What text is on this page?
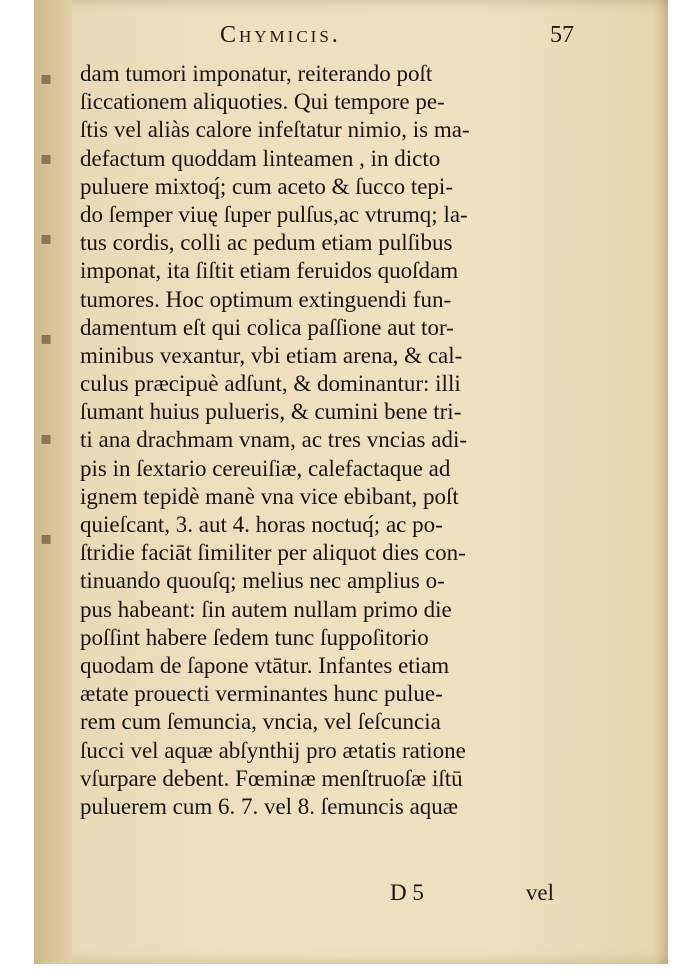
▪
▪
▪
▪
▪
▪
Chymicis.	57
dam tumori imponatur, reiterando poſt
ſiccationem aliquoties. Qui tempore pe-
ſtis vel aliàs calore infeſtatur nimio, is ma-
defactum quoddam linteamen , in dicto
puluere mixtoq́; cum aceto & ſucco tepi-
do ſemper viuę ſuper pulſus,ac vtrumq; la-
tus cordis, colli ac pedum etiam pulſibus
imponat, ita ſiſtit etiam feruidos quoſdam
tumores. Hoc optimum extinguendi fun-
damentum eſt qui colica paſſione aut tor-
minibus vexantur, vbi etiam arena, & cal-
culus præcipuè adſunt, & dominantur: illi
ſumant huius pulueris, & cumini bene tri-
ti ana drachmam vnam, ac tres vncias adi-
pis in ſextario cereuiſiæ, calefactaque ad
ignem tepidè manè vna vice ebibant, poſt
quieſcant, 3. aut 4. horas noctuq́; ac po-
ſtridie faciāt ſimiliter per aliquot dies con-
tinuando quouſq; melius nec amplius o-
pus habeant: ſin autem nullam primo die
poſſint habere ſedem tunc ſuppoſitorio
quodam de ſapone vtātur. Infantes etiam
ætate prouecti verminantes hunc pulue-
rem cum ſemuncia, vncia, vel ſeſcuncia
ſucci vel aquæ abſynthij pro ætatis ratione
vſurpare debent. Fœminæ menſtruoſæ iſtū
puluerem cum 6. 7. vel 8. ſemuncis aquæ
D 5	vel
